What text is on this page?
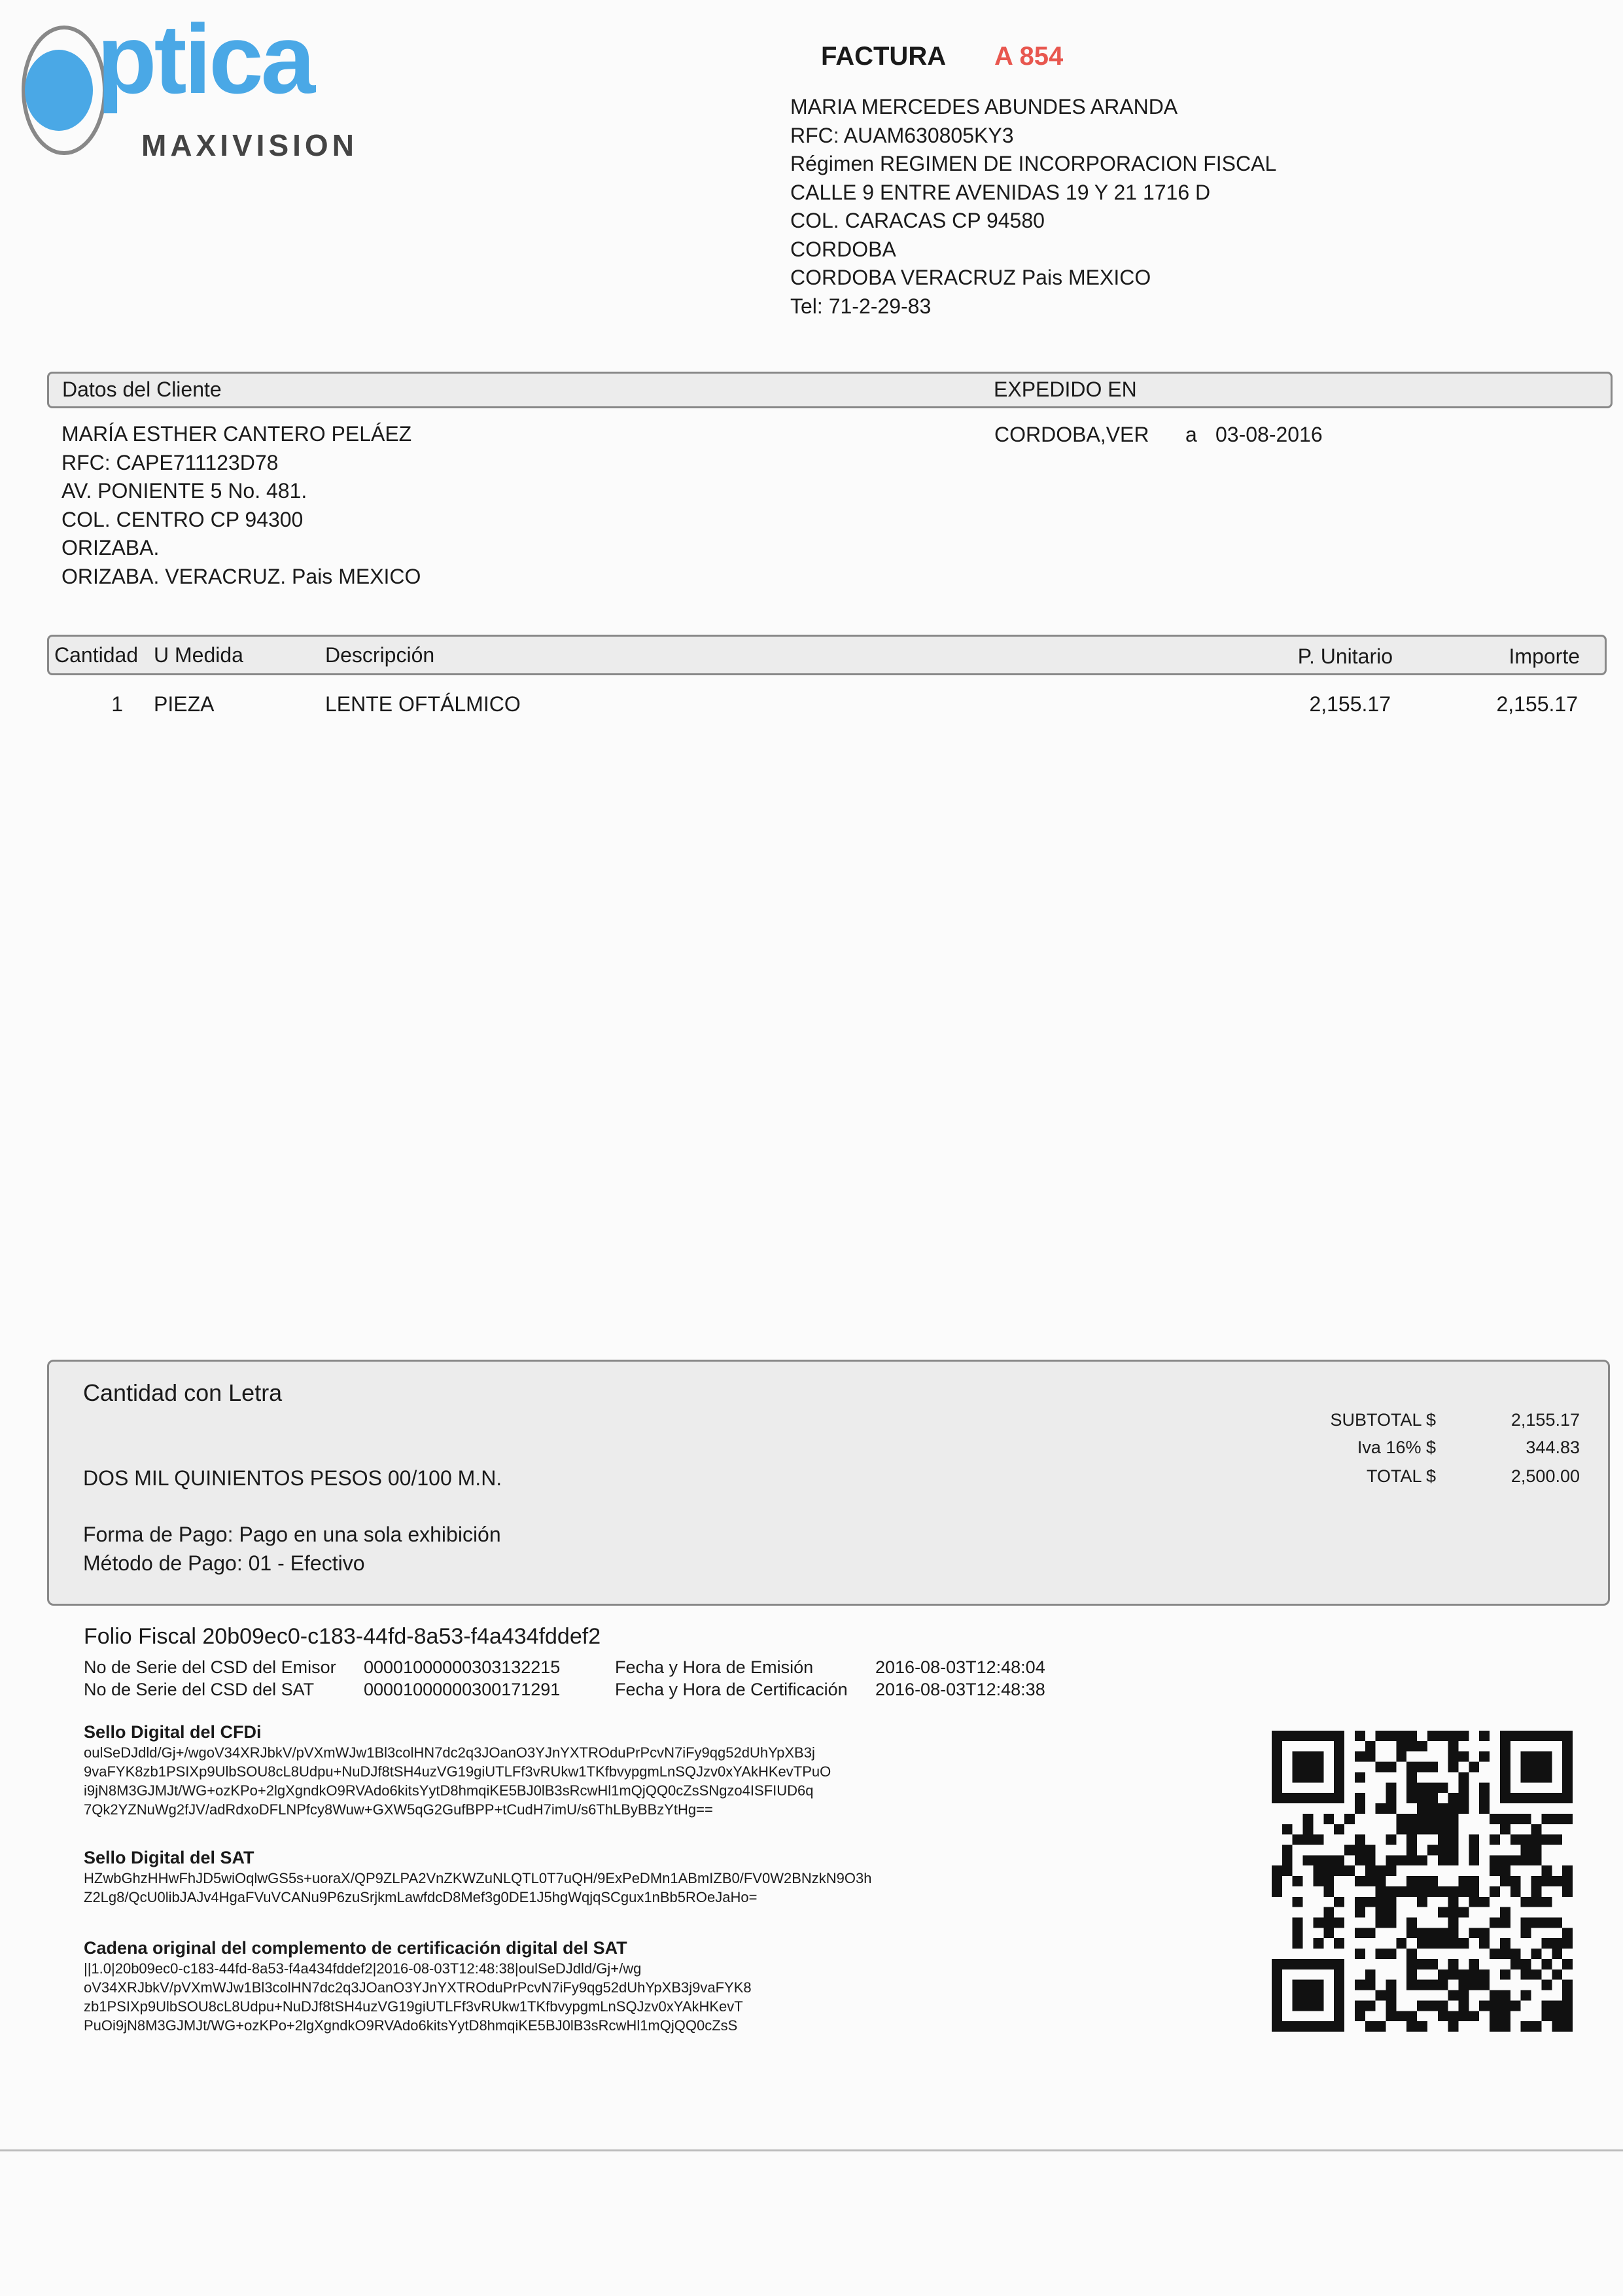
ptica
MAXIVISION
FACTURA A 854
MARIA MERCEDES ABUNDES ARANDA
RFC: AUAM630805KY3
Régimen REGIMEN DE INCORPORACION FISCAL
CALLE 9 ENTRE AVENIDAS 19 Y 21 1716 D
COL. CARACAS CP 94580
CORDOBA
CORDOBA VERACRUZ Pais MEXICO
Tel: 71-2-29-83
Datos del Cliente	EXPEDIDO EN
MARÍA ESTHER CANTERO PELÁEZ
RFC: CAPE711123D78
AV. PONIENTE 5 No. 481.
COL. CENTRO CP 94300
ORIZABA.
ORIZABA. VERACRUZ. Pais MEXICO
CORDOBA,VER a 03-08-2016
Cantidad U Medida	Descripción	P. Unitario	Importe
1 PIEZA	LENTE OFTÁLMICO	2,155.17	2,155.17
Cantidad con Letra
DOS MIL QUINIENTOS PESOS 00/100 M.N.
Forma de Pago: Pago en una sola exhibición
Método de Pago: 01 - Efectivo
SUBTOTAL $	2,155.17
Iva 16% $	344.83
TOTAL $	2,500.00
Folio Fiscal 20b09ec0-c183-44fd-8a53-f4a434fddef2
No de Serie del CSD del Emisor 00001000000303132215	Fecha y Hora de Emisión	2016-08-03T12:48:04
No de Serie del CSD del SAT	00001000000300171291	Fecha y Hora de Certificación 2016-08-03T12:48:38
Sello Digital del CFDi
oulSeDJdld/Gj+/wgoV34XRJbkV/pVXmWJw1Bl3colHN7dc2q3JOanO3YJnYXTROduPrPcvN7iFy9qg52dUhYpXB3j
9vaFYK8zb1PSIXp9UlbSOU8cL8Udpu+NuDJf8tSH4uzVG19giUTLFf3vRUkw1TKfbvypgmLnSQJzv0xYAkHKevTPuO
i9jN8M3GJMJt/WG+ozKPo+2lgXgndkO9RVAdo6kitsYytD8hmqiKE5BJ0lB3sRcwHl1mQjQQ0cZsSNgzo4ISFIUD6q
7Qk2YZNuWg2fJV/adRdxoDFLNPfcy8Wuw+GXW5qG2GufBPP+tCudH7imU/s6ThLByBBzYtHg==
Sello Digital del SAT
HZwbGhzHHwFhJD5wiOqlwGS5s+uoraX/QP9ZLPA2VnZKWZuNLQTL0T7uQH/9ExPeDMn1ABmIZB0/FV0W2BNzkN9O3h
Z2Lg8/QcU0libJAJv4HgaFVuVCANu9P6zuSrjkmLawfdcD8Mef3g0DE1J5hgWqjqSCgux1nBb5ROeJaHo=
Cadena original del complemento de certificación digital del SAT
||1.0|20b09ec0-c183-44fd-8a53-f4a434fddef2|2016-08-03T12:48:38|oulSeDJdld/Gj+/wg
oV34XRJbkV/pVXmWJw1Bl3colHN7dc2q3JOanO3YJnYXTROduPrPcvN7iFy9qg52dUhYpXB3j9vaFYK8
zb1PSIXp9UlbSOU8cL8Udpu+NuDJf8tSH4uzVG19giUTLFf3vRUkw1TKfbvypgmLnSQJzv0xYAkHKevT
PuOi9jN8M3GJMJt/WG+ozKPo+2lgXgndkO9RVAdo6kitsYytD8hmqiKE5BJ0lB3sRcwHl1mQjQQ0cZsS
